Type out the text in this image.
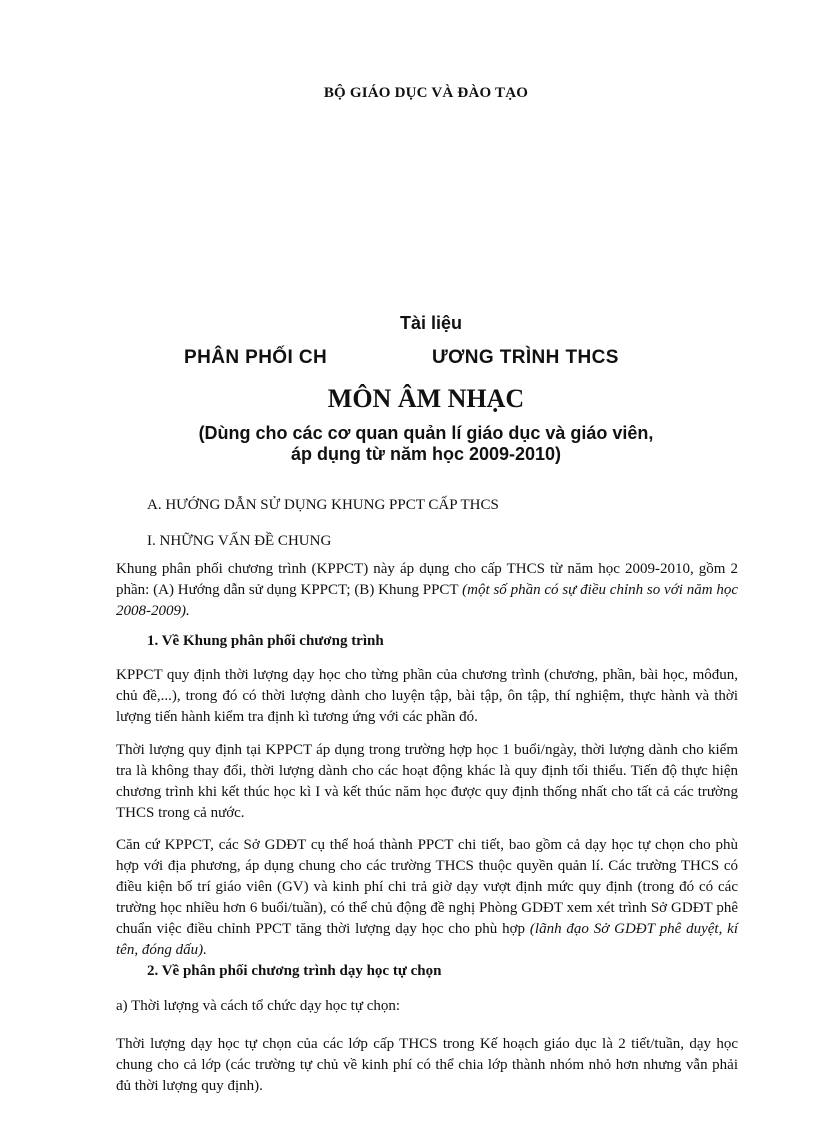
BỘ GIÁO DỤC VÀ ĐÀO TẠO
Tài liệu
PHÂN PHỐI CH	ƯƠNG TRÌNH THCS
MÔN ÂM NHẠC
(Dùng cho các cơ quan quản lí giáo dục và giáo viên,
áp dụng từ năm học 2009-2010)
A. HƯỚNG DẪN SỬ DỤNG KHUNG PPCT CẤP THCS
I. NHỮNG VẤN ĐỀ CHUNG
Khung phân phối chương trình (KPPCT) này áp dụng cho cấp THCS từ năm học 2009-2010, gồm 2 phần: (A) Hướng dẫn sử dụng KPPCT; (B) Khung PPCT (một số phần có sự điều chỉnh so với năm học 2008-2009).
1. Về Khung phân phối chương trình
KPPCT quy định thời lượng dạy học cho từng phần của chương trình (chương, phần, bài học, môđun, chủ đề,...), trong đó có thời lượng dành cho luyện tập, bài tập, ôn tập, thí nghiệm, thực hành và thời lượng tiến hành kiểm tra định kì tương ứng với các phần đó.
Thời lượng quy định tại KPPCT áp dụng trong trường hợp học 1 buổi/ngày, thời lượng dành cho kiểm tra là không thay đổi, thời lượng dành cho các hoạt động khác là quy định tối thiểu. Tiến độ thực hiện chương trình khi kết thúc học kì I và kết thúc năm học được quy định thống nhất cho tất cả các trường THCS trong cả nước.
Căn cứ KPPCT, các Sở GDĐT cụ thể hoá thành PPCT chi tiết, bao gồm cả dạy học tự chọn cho phù hợp với địa phương, áp dụng chung cho các trường THCS thuộc quyền quản lí. Các trường THCS có điều kiện bố trí giáo viên (GV) và kinh phí chi trả giờ dạy vượt định mức quy định (trong đó có các trường học nhiều hơn 6 buổi/tuần), có thể chủ động đề nghị Phòng GDĐT xem xét trình Sở GDĐT phê chuẩn việc điều chỉnh PPCT tăng thời lượng dạy học cho phù hợp (lãnh đạo Sở GDĐT phê duyệt, kí tên, đóng dấu).
2. Về phân phối chương trình dạy học tự chọn
a) Thời lượng và cách tổ chức dạy học tự chọn:
Thời lượng dạy học tự chọn của các lớp cấp THCS trong Kế hoạch giáo dục là 2 tiết/tuần, dạy học chung cho cả lớp (các trường tự chủ về kinh phí có thể chia lớp thành nhóm nhỏ hơn nhưng vẫn phải đủ thời lượng quy định).
